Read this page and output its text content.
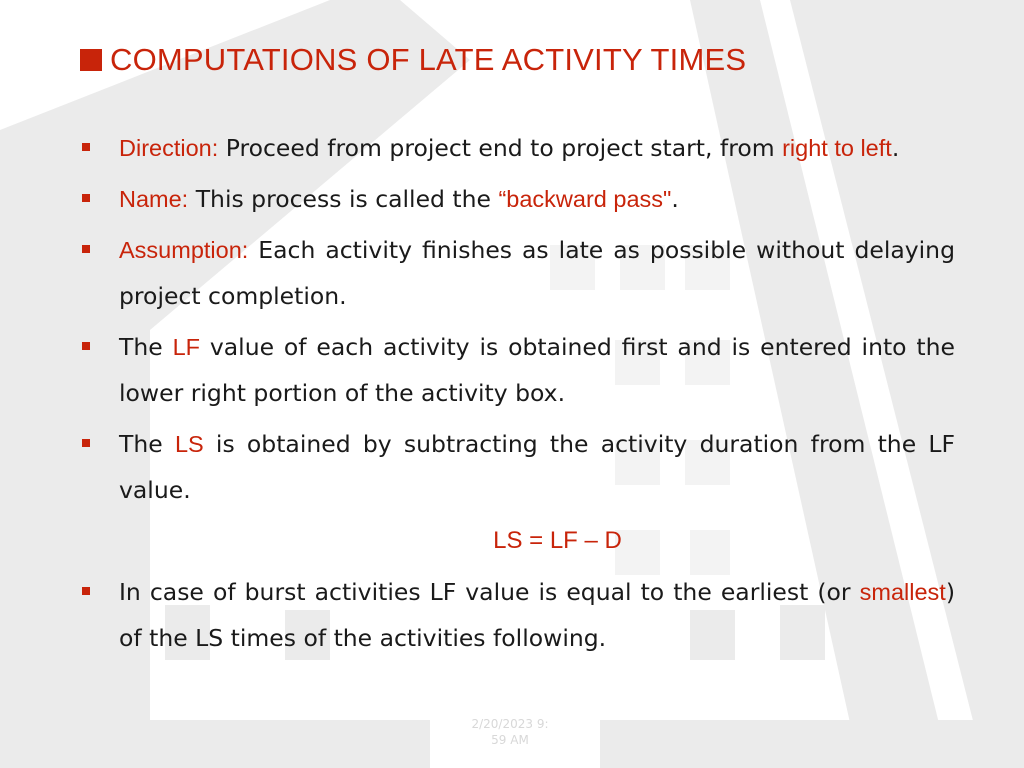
COMPUTATIONS OF LATE ACTIVITY TIMES
Direction: Proceed from project end to project start, from right to left.
Name: This process is called the “backward pass".
Assumption: Each activity finishes as late as possible without delaying project completion.
The LF value of each activity is obtained first and is entered into the lower right portion of the activity box.
The LS is obtained by subtracting the activity duration from the LF value.
LS = LF – D
In case of burst activities LF value is equal to the earliest (or smallest) of the LS times of the activities following.
2/20/2023 9:
59 AM
